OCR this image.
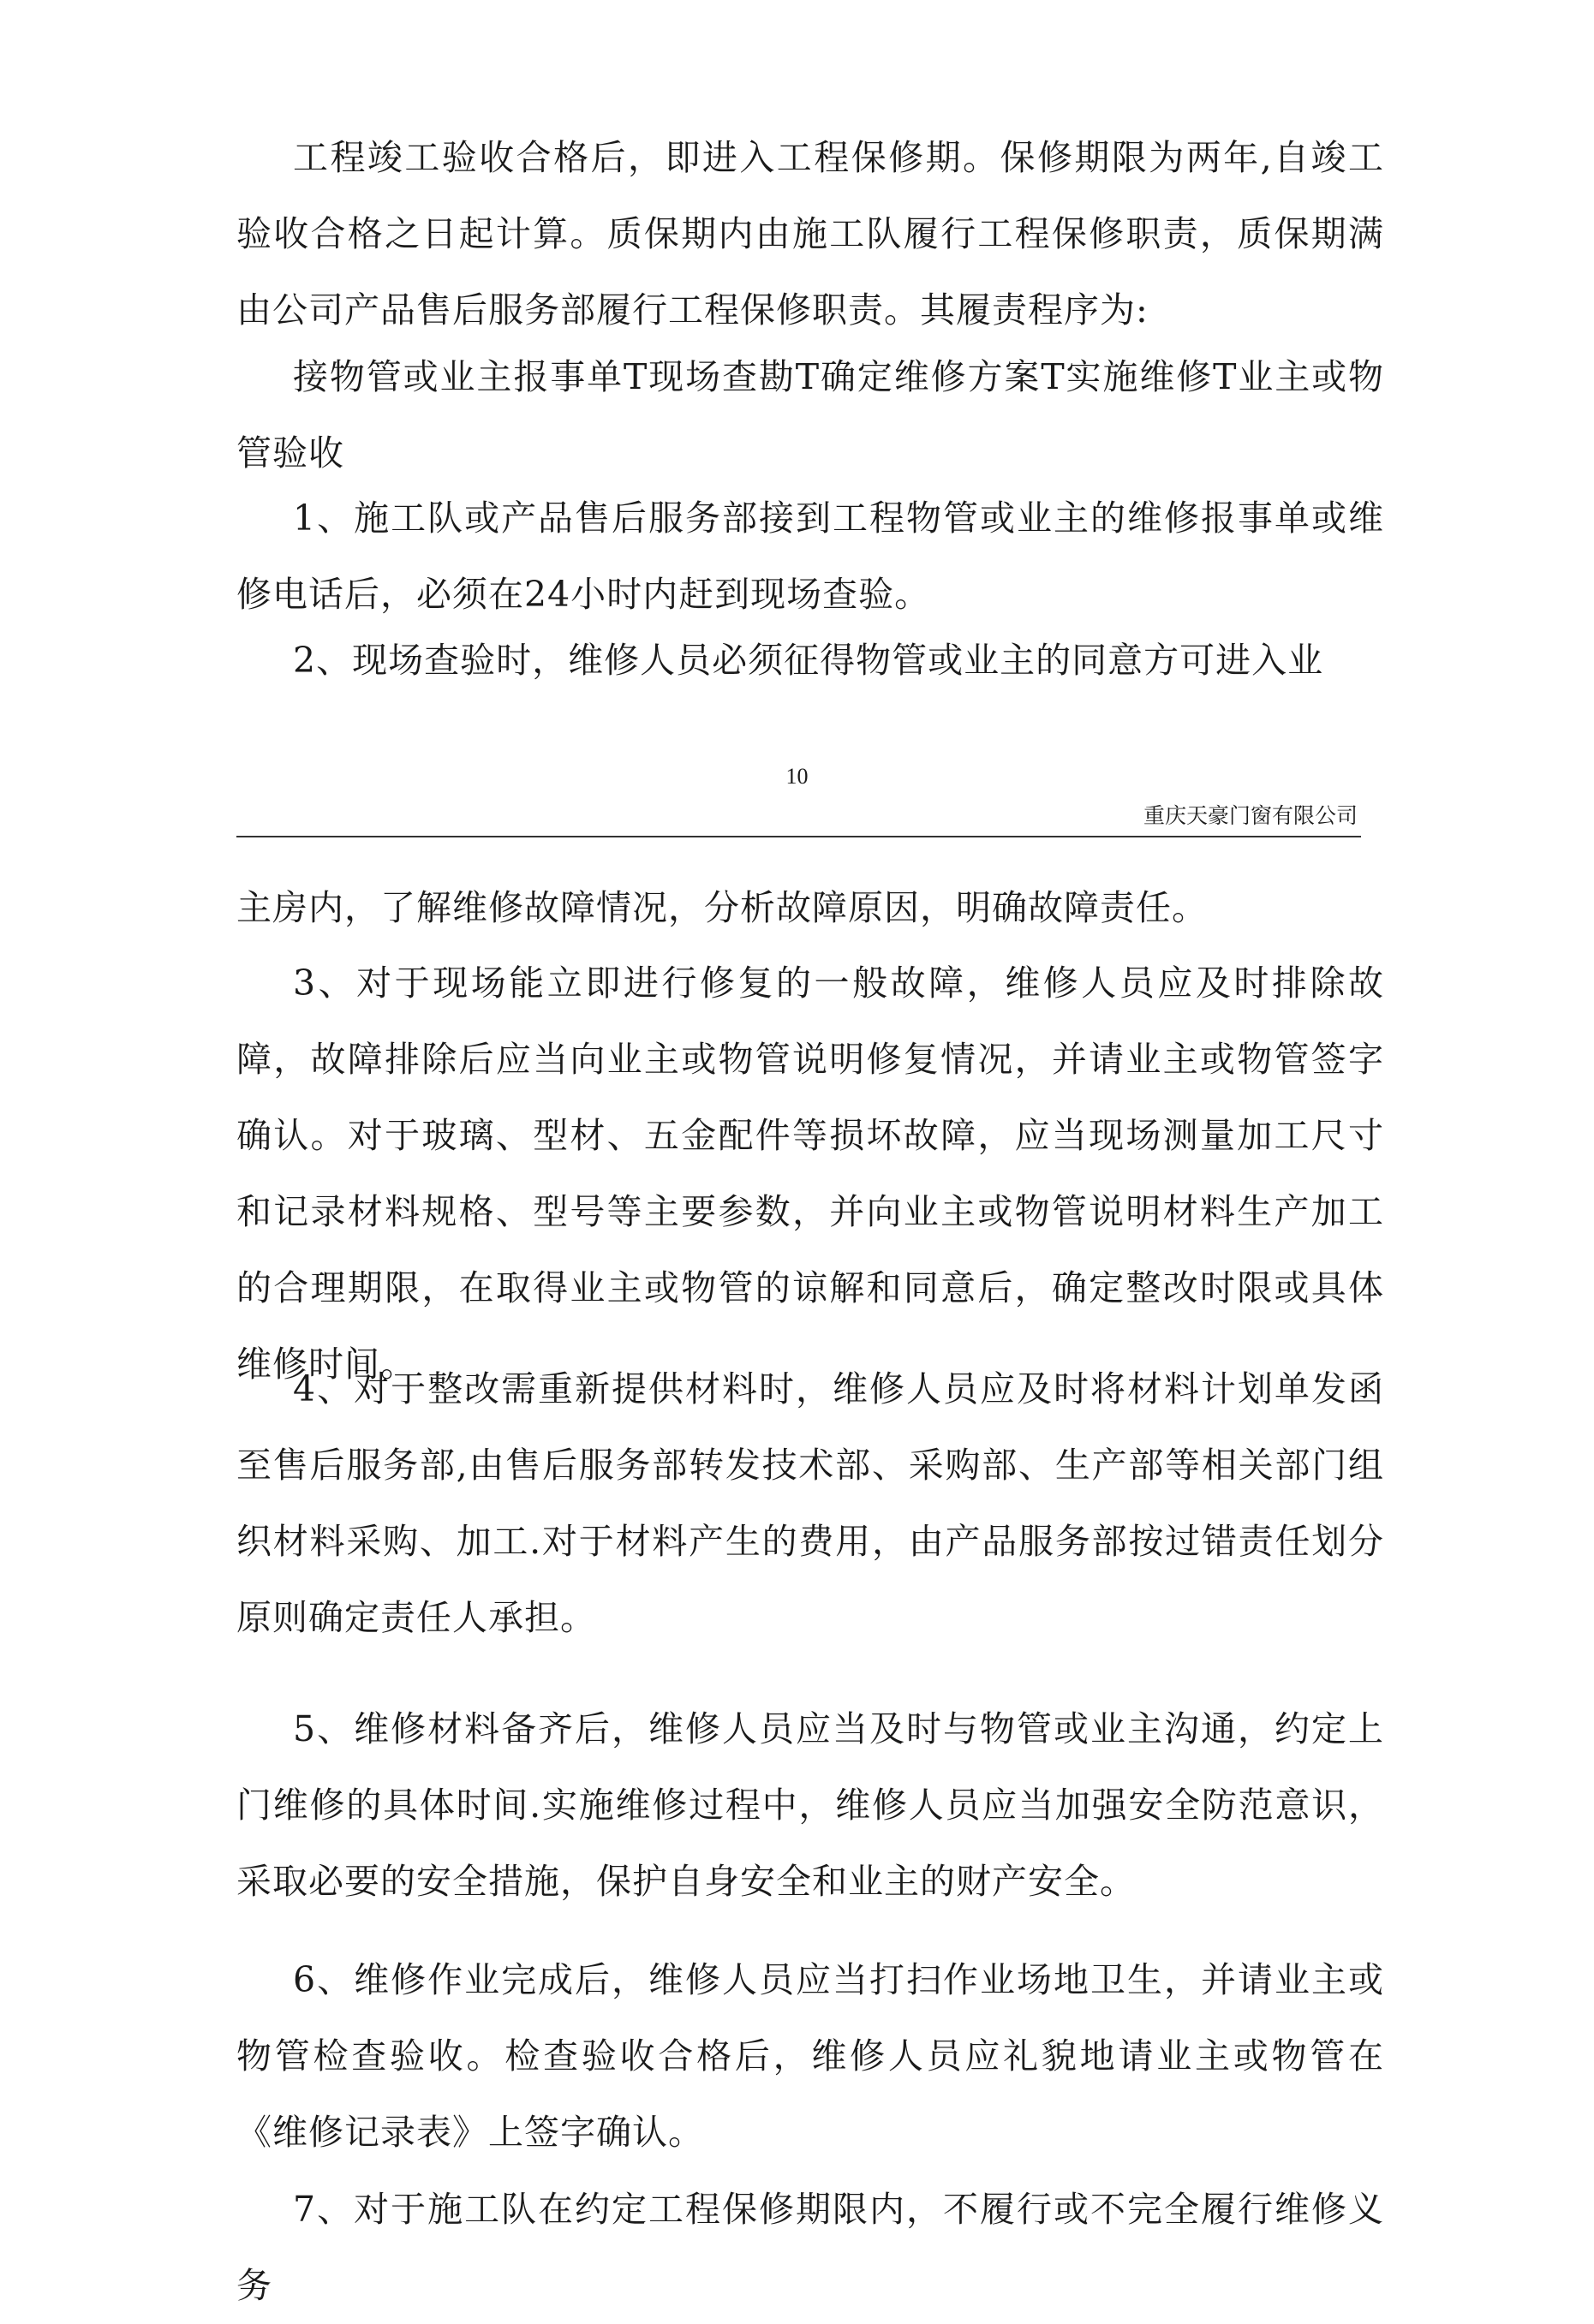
工程竣工验收合格后，即进入工程保修期。保修期限为两年,自竣工验收合格之日起计算。质保期内由施工队履行工程保修职责，质保期满由公司产品售后服务部履行工程保修职责。其履责程序为:

接物管或业主报事单T现场查勘T确定维修方案T实施维修T业主或物管验收

1、施工队或产品售后服务部接到工程物管或业主的维修报事单或维修电话后，必须在24小时内赶到现场查验。

2、现场查验时，维修人员必须征得物管或业主的同意方可进入业

10

重庆天豪门窗有限公司

主房内，了解维修故障情况，分析故障原因，明确故障责任。

3、对于现场能立即进行修复的一般故障，维修人员应及时排除故障，故障排除后应当向业主或物管说明修复情况，并请业主或物管签字确认。对于玻璃、型材、五金配件等损坏故障，应当现场测量加工尺寸和记录材料规格、型号等主要参数，并向业主或物管说明材料生产加工的合理期限，在取得业主或物管的谅解和同意后，确定整改时限或具体维修时间。

4、对于整改需重新提供材料时，维修人员应及时将材料计划单发函至售后服务部,由售后服务部转发技术部、采购部、生产部等相关部门组织材料采购、加工.对于材料产生的费用，由产品服务部按过错责任划分原则确定责任人承担。

5、维修材料备齐后，维修人员应当及时与物管或业主沟通，约定上门维修的具体时间.实施维修过程中，维修人员应当加强安全防范意识，采取必要的安全措施，保护自身安全和业主的财产安全。

6、维修作业完成后，维修人员应当打扫作业场地卫生，并请业主或物管检查验收。检查验收合格后，维修人员应礼貌地请业主或物管在《维修记录表》上签字确认。

7、对于施工队在约定工程保修期限内，不履行或不完全履行维修义务
